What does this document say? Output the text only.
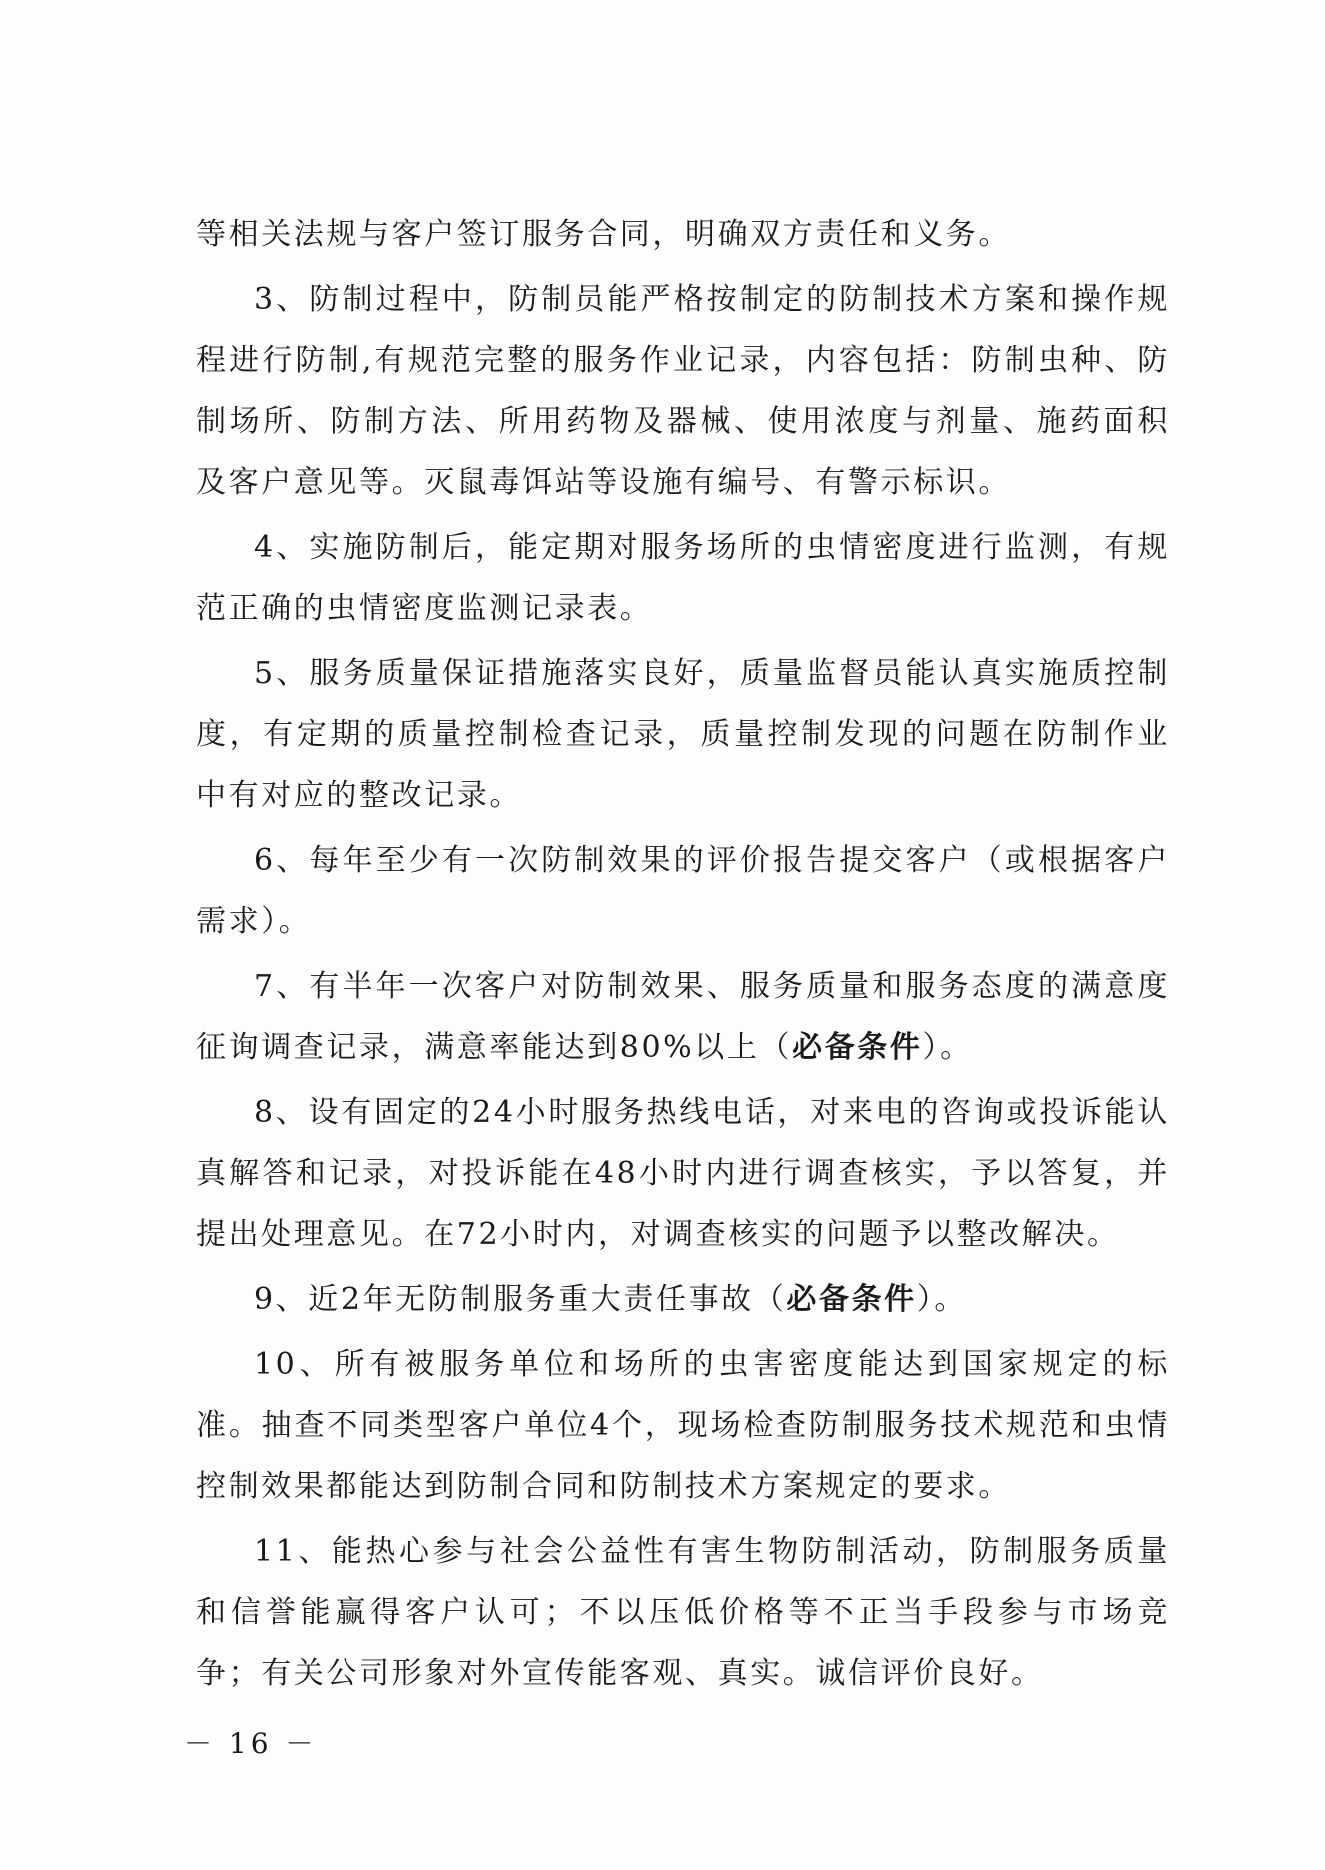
等相关法规与客户签订服务合同，明确双方责任和义务。

3、防制过程中，防制员能严格按制定的防制技术方案和操作规程进行防制,有规范完整的服务作业记录，内容包括：防制虫种、防制场所、防制方法、所用药物及器械、使用浓度与剂量、施药面积及客户意见等。灭鼠毒饵站等设施有编号、有警示标识。

4、实施防制后，能定期对服务场所的虫情密度进行监测，有规范正确的虫情密度监测记录表。

5、服务质量保证措施落实良好，质量监督员能认真实施质控制度，有定期的质量控制检查记录，质量控制发现的问题在防制作业中有对应的整改记录。

6、每年至少有一次防制效果的评价报告提交客户（或根据客户需求）。

7、有半年一次客户对防制效果、服务质量和服务态度的满意度征询调查记录，满意率能达到80%以上（必备条件）。

8、设有固定的24小时服务热线电话，对来电的咨询或投诉能认真解答和记录，对投诉能在48小时内进行调查核实，予以答复，并提出处理意见。在72小时内，对调查核实的问题予以整改解决。

9、近2年无防制服务重大责任事故（必备条件）。

10、所有被服务单位和场所的虫害密度能达到国家规定的标准。抽查不同类型客户单位4个，现场检查防制服务技术规范和虫情控制效果都能达到防制合同和防制技术方案规定的要求。

11、能热心参与社会公益性有害生物防制活动，防制服务质量和信誉能赢得客户认可；不以压低价格等不正当手段参与市场竞争；有关公司形象对外宣传能客观、真实。诚信评价良好。

－ 16 －
